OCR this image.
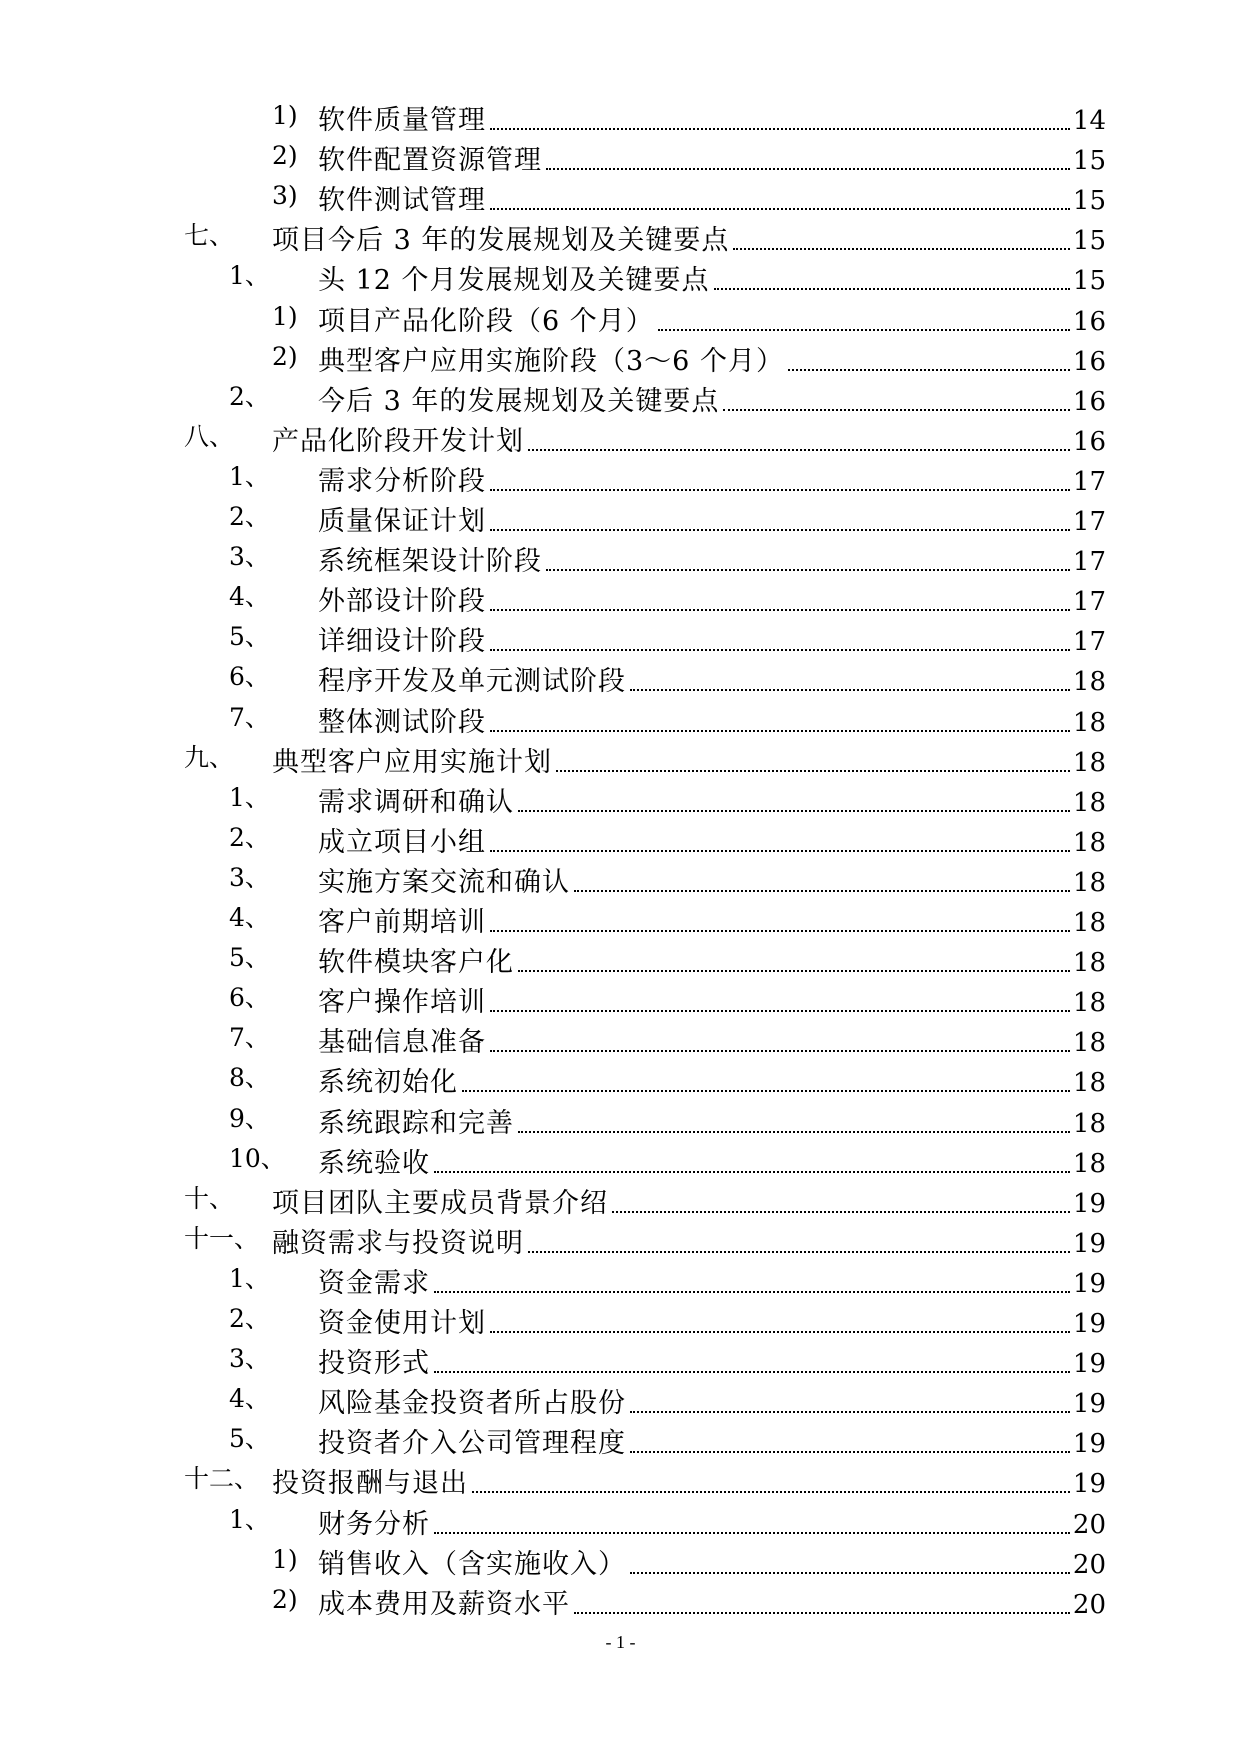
1) 软件质量管理	14
2) 软件配置资源管理	15
3) 软件测试管理	15
七、 项目今后 3 年的发展规划及关键要点	15
1、 头 12 个月发展规划及关键要点	15
1) 项目产品化阶段（6 个月）	16
2) 典型客户应用实施阶段（3～6 个月）	16
2、 今后 3 年的发展规划及关键要点	16
八、 产品化阶段开发计划	16
1、 需求分析阶段	17
2、 质量保证计划	17
3、 系统框架设计阶段	17
4、 外部设计阶段	17
5、 详细设计阶段	17
6、 程序开发及单元测试阶段	18
7、 整体测试阶段	18
九、 典型客户应用实施计划	18
1、 需求调研和确认	18
2、 成立项目小组	18
3、 实施方案交流和确认	18
4、 客户前期培训	18
5、 软件模块客户化	18
6、 客户操作培训	18
7、 基础信息准备	18
8、 系统初始化	18
9、 系统跟踪和完善	18
10、 系统验收	18
十、 项目团队主要成员背景介绍	19
十一、 融资需求与投资说明	19
1、 资金需求	19
2、 资金使用计划	19
3、 投资形式	19
4、 风险基金投资者所占股份	19
5、 投资者介入公司管理程度	19
十二、 投资报酬与退出	19
1、 财务分析	20
1) 销售收入（含实施收入）	20
2) 成本费用及薪资水平	20
- 1 -
